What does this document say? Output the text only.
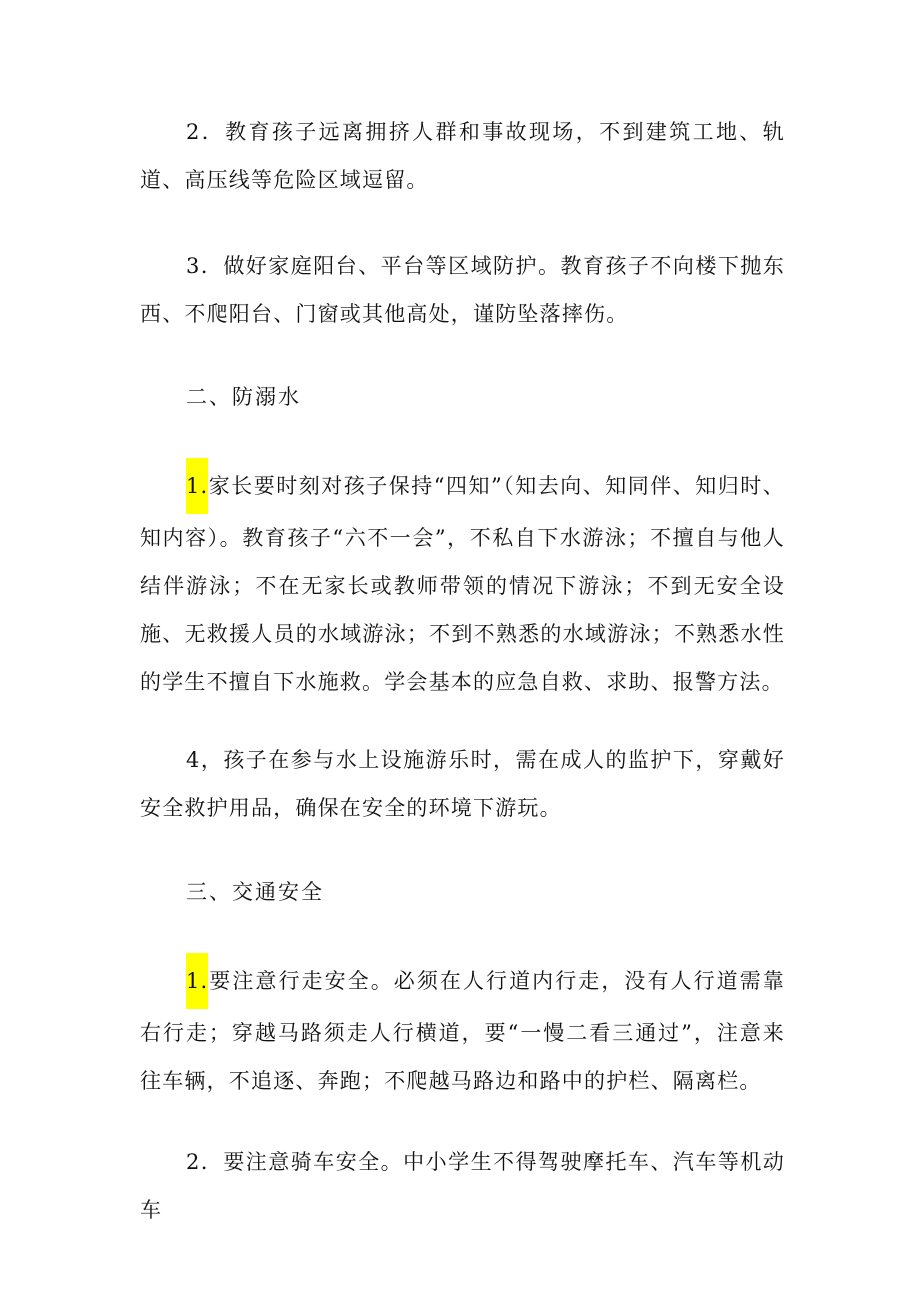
2．教育孩子远离拥挤人群和事故现场，不到建筑工地、轨道、高压线等危险区域逗留。

3．做好家庭阳台、平台等区域防护。教育孩子不向楼下抛东西、不爬阳台、门窗或其他高处，谨防坠落摔伤。

二、防溺水

1.家长要时刻对孩子保持“四知”（知去向、知同伴、知归时、知内容）。教育孩子“六不一会”，不私自下水游泳；不擅自与他人结伴游泳；不在无家长或教师带领的情况下游泳；不到无安全设施、无救援人员的水域游泳；不到不熟悉的水域游泳；不熟悉水性的学生不擅自下水施救。学会基本的应急自救、求助、报警方法。

4，孩子在参与水上设施游乐时，需在成人的监护下，穿戴好安全救护用品，确保在安全的环境下游玩。

三、交通安全

1.要注意行走安全。必须在人行道内行走，没有人行道需靠右行走；穿越马路须走人行横道，要“一慢二看三通过”，注意来往车辆，不追逐、奔跑；不爬越马路边和路中的护栏、隔离栏。

2．要注意骑车安全。中小学生不得驾驶摩托车、汽车等机动车
